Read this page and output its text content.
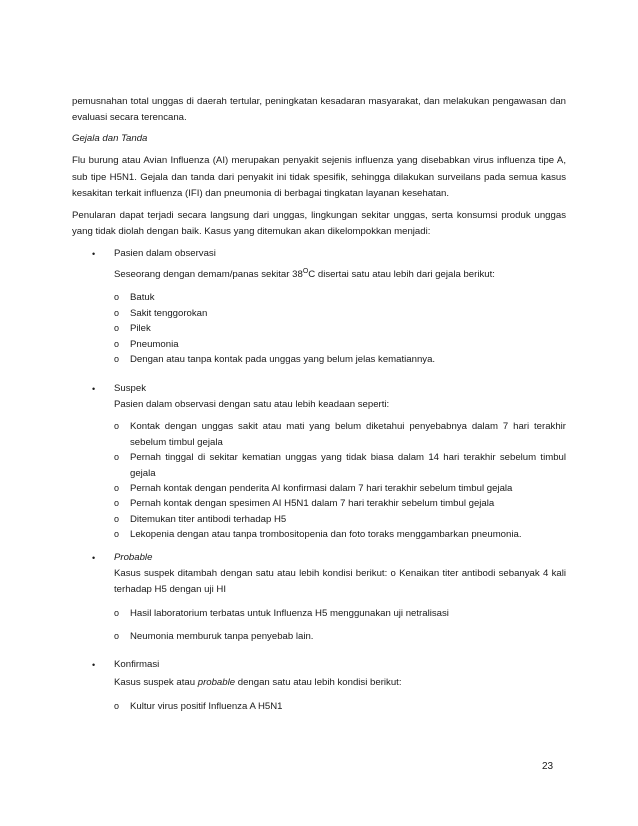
pemusnahan total unggas di daerah tertular, peningkatan kesadaran masyarakat, dan melakukan pengawasan dan evaluasi secara terencana.

Gejala dan Tanda

Flu burung atau Avian Influenza (AI) merupakan penyakit sejenis influenza yang disebabkan virus influenza tipe A, sub tipe H5N1. Gejala dan tanda dari penyakit ini tidak spesifik, sehingga dilakukan surveilans pada semua kasus kesakitan terkait influenza (IFI) dan pneumonia di berbagai tingkatan layanan kesehatan.

Penularan dapat terjadi secara langsung dari unggas, lingkungan sekitar unggas, serta konsumsi produk unggas yang tidak diolah dengan baik. Kasus yang ditemukan akan dikelompokkan menjadi:

• Pasien dalam observasi
Seseorang dengan demam/panas sekitar $38^OC$ disertai satu atau lebih dari gejala berikut:
o Batuk
o Sakit tenggorokan
o Pilek
o Pneumonia
o Dengan atau tanpa kontak pada unggas yang belum jelas kematiannya.
• Suspek
Pasien dalam observasi dengan satu atau lebih keadaan seperti:
o Kontak dengan unggas sakit atau mati yang belum diketahui penyebabnya dalam 7 hari terakhir sebelum timbul gejala
o Pernah tinggal di sekitar kematian unggas yang tidak biasa dalam 14 hari terakhir sebelum timbul gejala
o Pernah kontak dengan penderita AI konfirmasi dalam 7 hari terakhir sebelum timbul gejala
o Pernah kontak dengan spesimen AI H5N1 dalam 7 hari terakhir sebelum timbul gejala
o Ditemukan titer antibodi terhadap H5
o Lekopenia dengan atau tanpa trombositopenia dan foto toraks menggambarkan pneumonia.
• Probable
Kasus suspek ditambah dengan satu atau lebih kondisi berikut: o Kenaikan titer antibodi sebanyak 4 kali terhadap H5 dengan uji HI
o Hasil laboratorium terbatas untuk Influenza H5 menggunakan uji netralisasi
o Neumonia memburuk tanpa penyebab lain.
• Konfirmasi
Kasus suspek atau probable dengan satu atau lebih kondisi berikut:
o Kultur virus positif Influenza A H5N1
23
